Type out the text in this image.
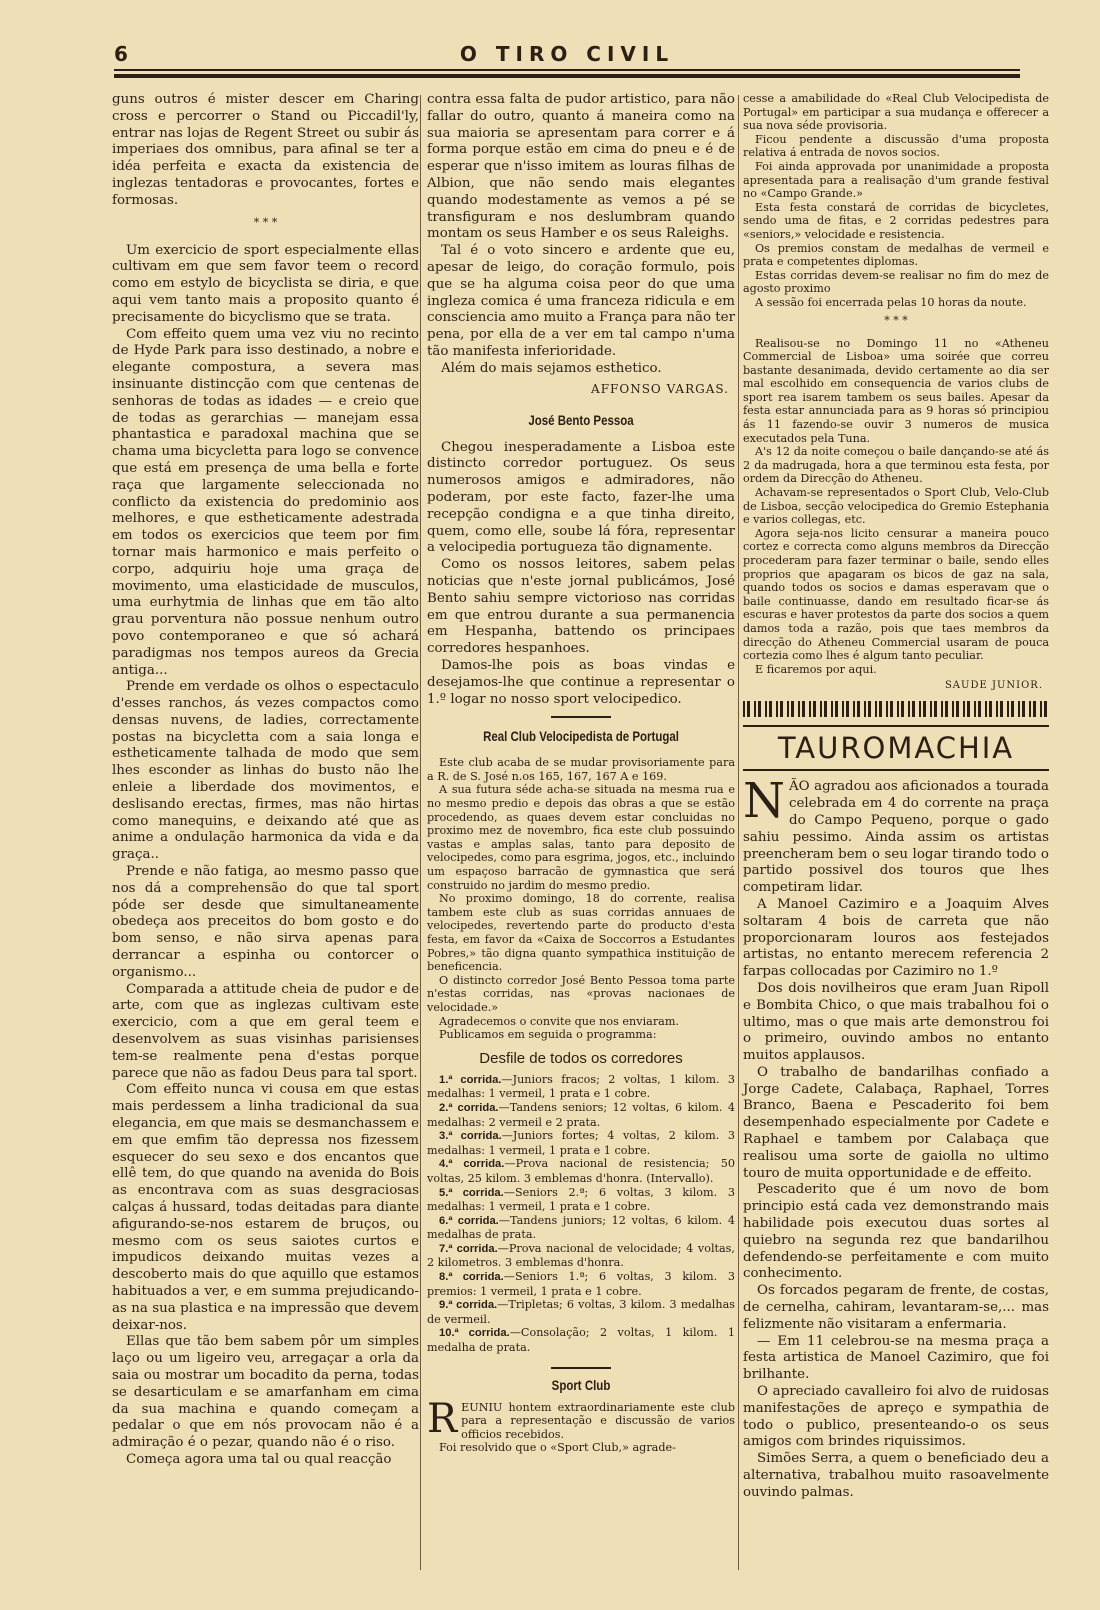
6	O TIRO CIVIL

guns outros é mister descer em Charing cross e percorrer o Stand ou Piccadil'ly, entrar nas lojas de Regent Street ou subir ás imperiaes dos omnibus, para afinal se ter a idéa perfeita e exacta da existencia de inglezas tentadoras e provocantes, fortes e formosas.

* * *

Um exercicio de sport especialmente ellas cultivam em que sem favor teem o record como em estylo de bicyclista se diria, e que aqui vem tanto mais a proposito quanto é precisamente do bicyclismo que se trata.

Com effeito quem uma vez viu no recinto de Hyde Park para isso destinado, a nobre e elegante compostura, a severa mas insinuante distincção com que centenas de senhoras de todas as idades — e creio que de todas as gerarchias — manejam essa phantastica e paradoxal machina que se chama uma bicycletta para logo se convence que está em presença de uma bella e forte raça que largamente seleccionada no conflicto da existencia do predominio aos melhores, e que estheticamente adestrada em todos os exercicios que teem por fim tornar mais harmonico e mais perfeito o corpo, adquiriu hoje uma graça de movimento, uma elasticidade de musculos, uma eurhytmia de linhas que em tão alto grau porventura não possue nenhum outro povo contemporaneo e que só achará paradigmas nos tempos aureos da Grecia antiga...

Prende em verdade os olhos o espectaculo d'esses ranchos, ás vezes compactos como densas nuvens, de ladies, correctamente postas na bicycletta com a saia longa e estheticamente talhada de modo que sem lhes esconder as linhas do busto não lhe enleie a liberdade dos movimentos, e deslisando erectas, firmes, mas não hirtas como manequins, e deixando até que as anime a ondulação harmonica da vida e da graça..

Prende e não fatiga, ao mesmo passo que nos dá a comprehensão do que tal sport póde ser desde que simultaneamente obedeça aos preceitos do bom gosto e do bom senso, e não sirva apenas para derrancar a espinha ou contorcer o organismo...

Comparada a attitude cheia de pudor e de arte, com que as inglezas cultivam este exercicio, com a que em geral teem e desenvolvem as suas visinhas parisienses tem-se realmente pena d'estas porque parece que não as fadou Deus para tal sport.

Com effeito nunca vi cousa em que estas mais perdessem a linha tradicional da sua elegancia, em que mais se desmanchassem e em que emfim tão depressa nos fizessem esquecer do seu sexo e dos encantos que ellê tem, do que quando na avenida do Bois as encontrava com as suas desgraciosas calças á hussard, todas deitadas para diante afigurando-se-nos estarem de bruços, ou mesmo com os seus saiotes curtos e impudicos deixando muitas vezes a descoberto mais do que aquillo que estamos habituados a ver, e em summa prejudicando-as na sua plastica e na impressão que devem deixar-nos.

Ellas que tão bem sabem pôr um simples laço ou um ligeiro veu, arregaçar a orla da saia ou mostrar um bocadito da perna, todas se desarticulam e se amarfanham em cima da sua machina e quando começam a pedalar o que em nós provocam não é a admiração é o pezar, quando não é o riso.

Começa agora uma tal ou qual reacção

contra essa falta de pudor artistico, para não fallar do outro, quanto á maneira como na sua maioria se apresentam para correr e á forma porque estão em cima do pneu e é de esperar que n'isso imitem as louras filhas de Albion, que não sendo mais elegantes quando modestamente as vemos a pé se transfiguram e nos deslumbram quando montam os seus Hamber e os seus Raleighs.

Tal é o voto sincero e ardente que eu, apesar de leigo, do coração formulo, pois que se ha alguma coisa peor do que uma ingleza comica é uma franceza ridicula e em consciencia amo muito a França para não ter pena, por ella de a ver em tal campo n'uma tão manifesta inferioridade.

Além do mais sejamos esthetico.

AFFONSO VARGAS.
José Bento Pessoa

Chegou inesperadamente a Lisboa este distincto corredor portuguez. Os seus numerosos amigos e admiradores, não poderam, por este facto, fazer-lhe uma recepção condigna e a que tinha direito, quem, como elle, soube lá fóra, representar a velocipedia portugueza tão dignamente.

Como os nossos leitores, sabem pelas noticias que n'este jornal publicámos, José Bento sahiu sempre victorioso nas corridas em que entrou durante a sua permanencia em Hespanha, battendo os principaes corredores hespanhoes.

Damos-lhe pois as boas vindas e desejamos-lhe que continue a representar o 1.º logar no nosso sport velocipedico.

Real Club Velocipedista de Portugal

Este club acaba de se mudar provisoriamente para a R. de S. José n.os 165, 167, 167 A e 169.

A sua futura séde acha-se situada na mesma rua e no mesmo predio e depois das obras a que se estão procedendo, as quaes devem estar concluidas no proximo mez de novembro, fica este club possuindo vastas e amplas salas, tanto para deposito de velocipedes, como para esgrima, jogos, etc., incluindo um espaçoso barracão de gymnastica que será construido no jardim do mesmo predio.

No proximo domingo, 18 do corrente, realisa tambem este club as suas corridas annuaes de velocipedes, revertendo parte do producto d'esta festa, em favor da «Caixa de Soccorros a Estudantes Pobres,» tão digna quanto sympathica instituição de beneficencia.

O distincto corredor José Bento Pessoa toma parte n'estas corridas, nas «provas nacionaes de velocidade.»

Agradecemos o convite que nos enviaram.

Publicamos em seguida o programma:

Desfile de todos os corredores

1.ª corrida.—Juniors fracos; 2 voltas, 1 kilom. 3 medalhas: 1 vermeil, 1 prata e 1 cobre.

2.ª corrida.—Tandens seniors; 12 voltas, 6 kilom. 4 medalhas: 2 vermeil e 2 prata.

3.ª corrida.—Juniors fortes; 4 voltas, 2 kilom. 3 medalhas: 1 vermeil, 1 prata e 1 cobre.

4.ª corrida.—Prova nacional de resistencia; 50 voltas, 25 kilom. 3 emblemas d'honra. (Intervallo).

5.ª corrida.—Seniors 2.ª; 6 voltas, 3 kilom. 3 medalhas: 1 vermeil, 1 prata e 1 cobre.

6.ª corrida.—Tandens juniors; 12 voltas, 6 kilom. 4 medalhas de prata.

7.ª corrida.—Prova nacional de velocidade; 4 voltas, 2 kilometros. 3 emblemas d'honra.

8.ª corrida.—Seniors 1.ª; 6 voltas, 3 kilom. 3 premios: 1 vermeil, 1 prata e 1 cobre.

9.ª corrida.—Tripletas; 6 voltas, 3 kilom. 3 medalhas de vermeil.

10.ª corrida.—Consolação; 2 voltas, 1 kilom. 1 medalha de prata.

Sport Club

REUNIU hontem extraordinariamente este club para a representação e discussão de varios officios recebidos.

Foi resolvido que o «Sport Club,» agrade-

cesse a amabilidade do «Real Club Velocipedista de Portugal» em participar a sua mudança e offerecer a sua nova séde provisoria.

Ficou pendente a discussão d'uma proposta relativa á entrada de novos socios.

Foi ainda approvada por unanimidade a proposta apresentada para a realisação d'um grande festival no «Campo Grande.»

Esta festa constará de corridas de bicycletes, sendo uma de fitas, e 2 corridas pedestres para «seniors,» velocidade e resistencia.

Os premios constam de medalhas de vermeil e prata e competentes diplomas.

Estas corridas devem-se realisar no fim do mez de agosto proximo

A sessão foi encerrada pelas 10 horas da noute.

* * *

Realisou-se no Domingo 11 no «Atheneu Commercial de Lisboa» uma soirée que correu bastante desanimada, devido certamente ao dia ser mal escolhido em consequencia de varios clubs de sport rea isarem tambem os seus bailes. Apesar da festa estar annunciada para as 9 horas só principiou ás 11 fazendo-se ouvir 3 numeros de musica executados pela Tuna.

A's 12 da noite começou o baile dançando-se até ás 2 da madrugada, hora a que terminou esta festa, por ordem da Direcção do Atheneu.

Achavam-se representados o Sport Club, Velo-Club de Lisboa, secção velocipedica do Gremio Estephania e varios collegas, etc.

Agora seja-nos licito censurar a maneira pouco cortez e correcta como alguns membros da Direcção procederam para fazer terminar o baile, sendo elles proprios que apagaram os bicos de gaz na sala, quando todos os socios e damas esperavam que o baile continuasse, dando em resultado ficar-se ás escuras e haver protestos da parte dos socios a quem damos toda a razão, pois que taes membros da direcção do Atheneu Commercial usaram de pouca cortezia como lhes é algum tanto peculiar.

E ficaremos por aqui.

SAUDE JUNIOR.
TAUROMACHIA

NÃO agradou aos aficionados a tourada celebrada em 4 do corrente na praça do Campo Pequeno, porque o gado sahiu pessimo. Ainda assim os artistas preencheram bem o seu logar tirando todo o partido possivel dos touros que lhes competiram lidar.

A Manoel Cazimiro e a Joaquim Alves soltaram 4 bois de carreta que não proporcionaram louros aos festejados artistas, no entanto merecem referencia 2 farpas collocadas por Cazimiro no 1.º

Dos dois novilheiros que eram Juan Ripoll e Bombita Chico, o que mais trabalhou foi o ultimo, mas o que mais arte demonstrou foi o primeiro, ouvindo ambos no entanto muitos applausos.

O trabalho de bandarilhas confiado a Jorge Cadete, Calabaça, Raphael, Torres Branco, Baena e Pescaderito foi bem desempenhado especialmente por Cadete e Raphael e tambem por Calabaça que realisou uma sorte de gaiolla no ultimo touro de muita opportunidade e de effeito.

Pescaderito que é um novo de bom principio está cada vez demonstrando mais habilidade pois executou duas sortes al quiebro na segunda rez que bandarilhou defendendo-se perfeitamente e com muito conhecimento.

Os forcados pegaram de frente, de costas, de cernelha, cahiram, levantaram-se,... mas felizmente não visitaram a enfermaria.

— Em 11 celebrou-se na mesma praça a festa artistica de Manoel Cazimiro, que foi brilhante.

O apreciado cavalleiro foi alvo de ruidosas manifestações de apreço e sympathia de todo o publico, presenteando-o os seus amigos com brindes riquissimos.

Simões Serra, a quem o beneficiado deu a alternativa, trabalhou muito rasoavelmente ouvindo palmas.
